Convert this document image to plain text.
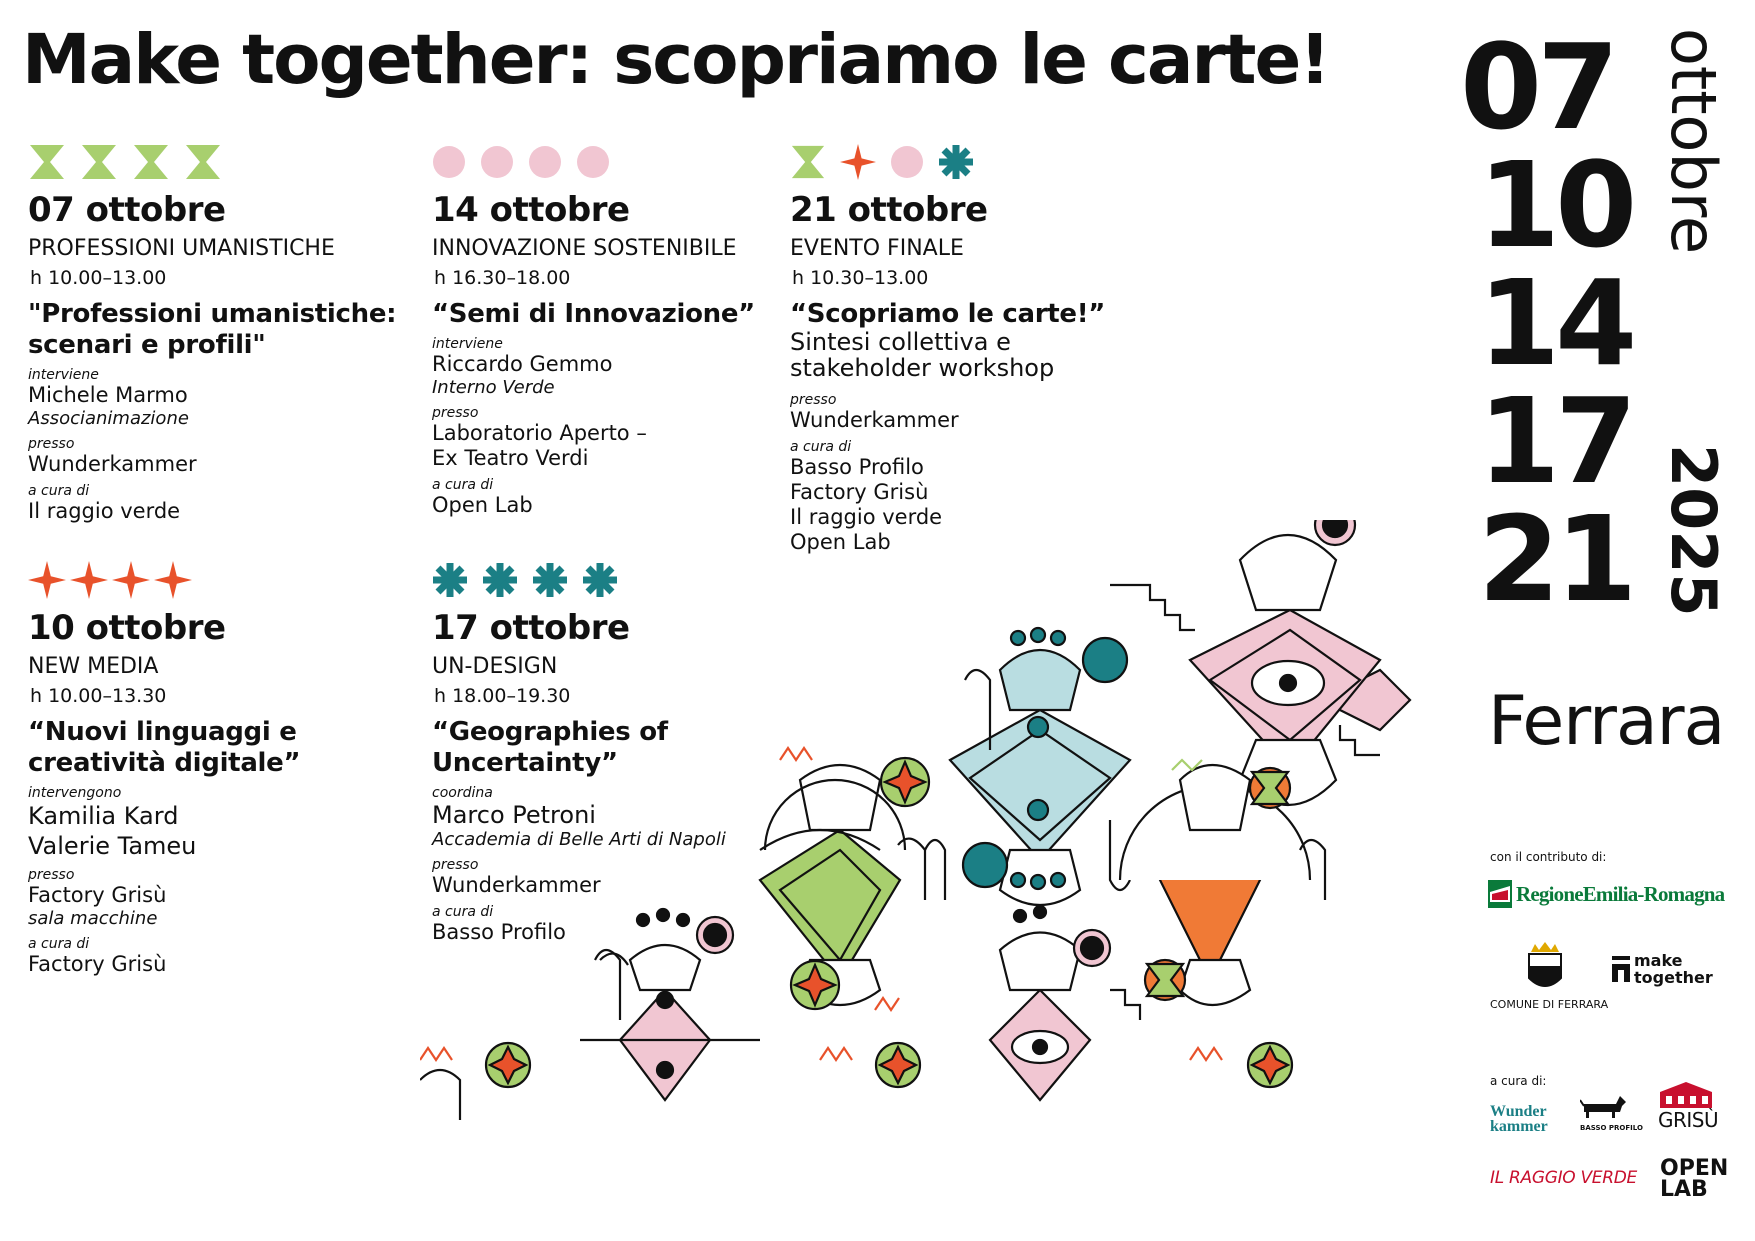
Make together: scopriamo le carte!
07 ottobre
PROFESSIONI UMANISTICHE
h 10.00–13.00
"Professioni umanistiche: scenari e profili"
interviene
Michele Marmo
Associanimazione
presso
Wunderkammer
a cura di
Il raggio verde
14 ottobre
INNOVAZIONE SOSTENIBILE
h 16.30–18.00
“Semi di Innovazione”
interviene
Riccardo Gemmo
Interno Verde
presso
Laboratorio Aperto –
Ex Teatro Verdi
a cura di
Open Lab
21 ottobre
EVENTO FINALE
h 10.30–13.00
“Scopriamo le carte!”
Sintesi collettiva e
stakeholder workshop
presso
Wunderkammer
a cura di
Basso Profilo
Factory Grisù
Il raggio verde
Open Lab
10 ottobre
NEW MEDIA
h 10.00–13.30
“Nuovi linguaggi e creatività digitale”
intervengono
Kamilia Kard
Valerie Tameu
presso
Factory Grisù
sala macchine
a cura di
Factory Grisù
17 ottobre
UN-DESIGN
h 18.00–19.30
“Geographies of Uncertainty”
coordina
Marco Petroni
Accademia di Belle Arti di Napoli
presso
Wunderkammer
a cura di
Basso Profilo
07
10
14
17
21
ottobre
2025
Ferrara
con il contributo di:
RegioneEmilia-Romagna
COMUNE DI FERRARA
make together
a cura di:
Wunder kammer	BASSO PROFILO GRISÙ
IL RAGGIO VERDE OPEN LAB
